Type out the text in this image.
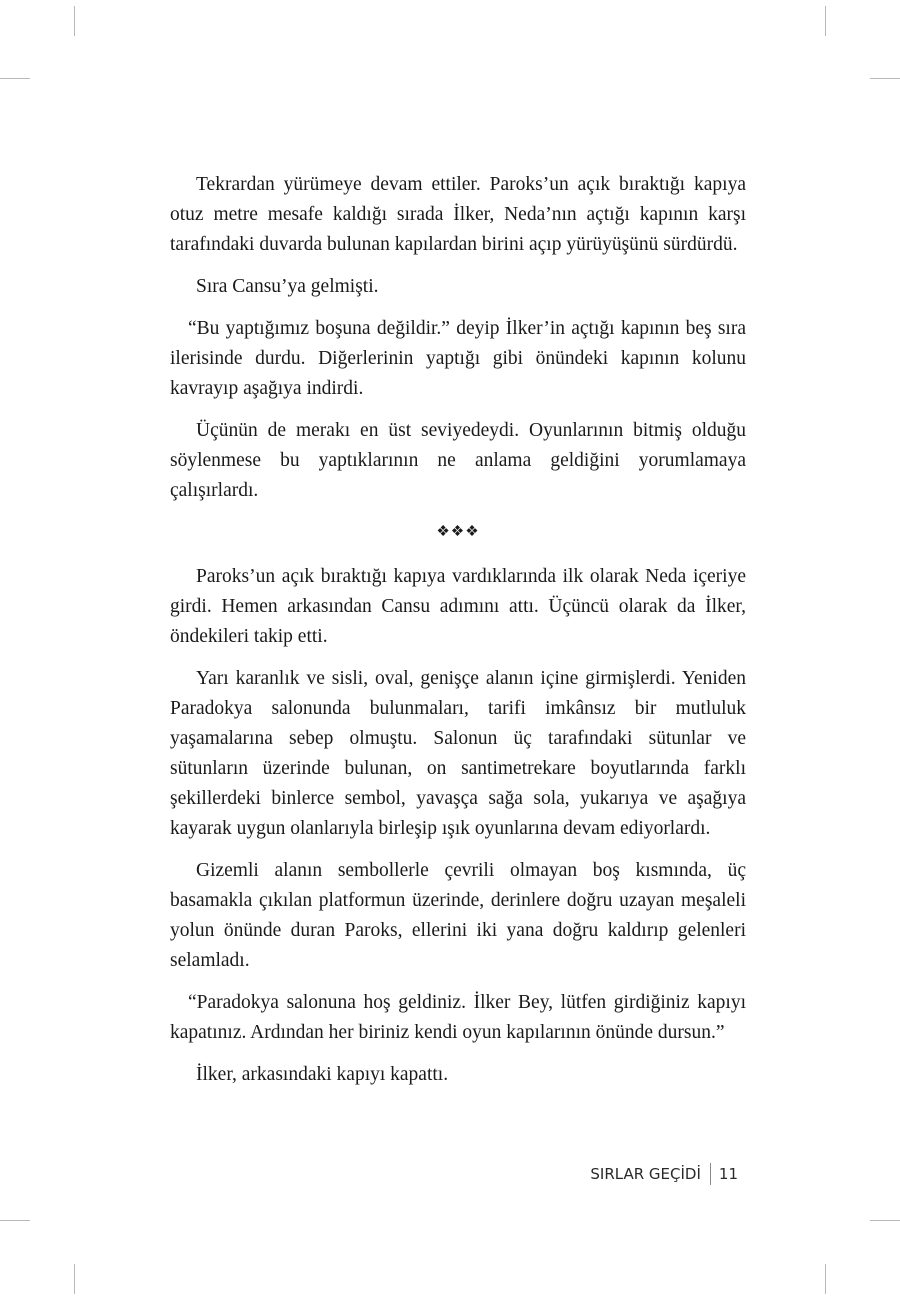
Tekrardan yürümeye devam ettiler. Paroks’un açık bıraktığı kapıya otuz metre mesafe kaldığı sırada İlker, Neda’nın açtığı kapının karşı tarafındaki duvarda bulunan kapılardan birini açıp yürüyüşünü sürdürdü.

Sıra Cansu’ya gelmişti.

“Bu yaptığımız boşuna değildir.” deyip İlker’in açtığı kapının beş sıra ilerisinde durdu. Diğerlerinin yaptığı gibi önündeki kapının kolunu kavrayıp aşağıya indirdi.

Üçünün de merakı en üst seviyedeydi. Oyunlarının bitmiş olduğu söylenmese bu yaptıklarının ne anlama geldiğini yorumlamaya çalışırlardı.

❖❖❖

Paroks’un açık bıraktığı kapıya vardıklarında ilk olarak Neda içeriye girdi. Hemen arkasından Cansu adımını attı. Üçüncü olarak da İlker, öndekileri takip etti.

Yarı karanlık ve sisli, oval, genişçe alanın içine girmişlerdi. Yeniden Paradokya salonunda bulunmaları, tarifi imkânsız bir mutluluk yaşamalarına sebep olmuştu. Salonun üç tarafındaki sütunlar ve sütunların üzerinde bulunan, on santimetrekare boyutlarında farklı şekillerdeki binlerce sembol, yavaşça sağa sola, yukarıya ve aşağıya kayarak uygun olanlarıyla birleşip ışık oyunlarına devam ediyorlardı.

Gizemli alanın sembollerle çevrili olmayan boş kısmında, üç basamakla çıkılan platformun üzerinde, derinlere doğru uzayan meşaleli yolun önünde duran Paroks, ellerini iki yana doğru kaldırıp gelenleri selamladı.

“Paradokya salonuna hoş geldiniz. İlker Bey, lütfen girdiğiniz kapıyı kapatınız. Ardından her biriniz kendi oyun kapılarının önünde dursun.”

İlker, arkasındaki kapıyı kapattı.

SIRLAR GEÇİDİ 11
